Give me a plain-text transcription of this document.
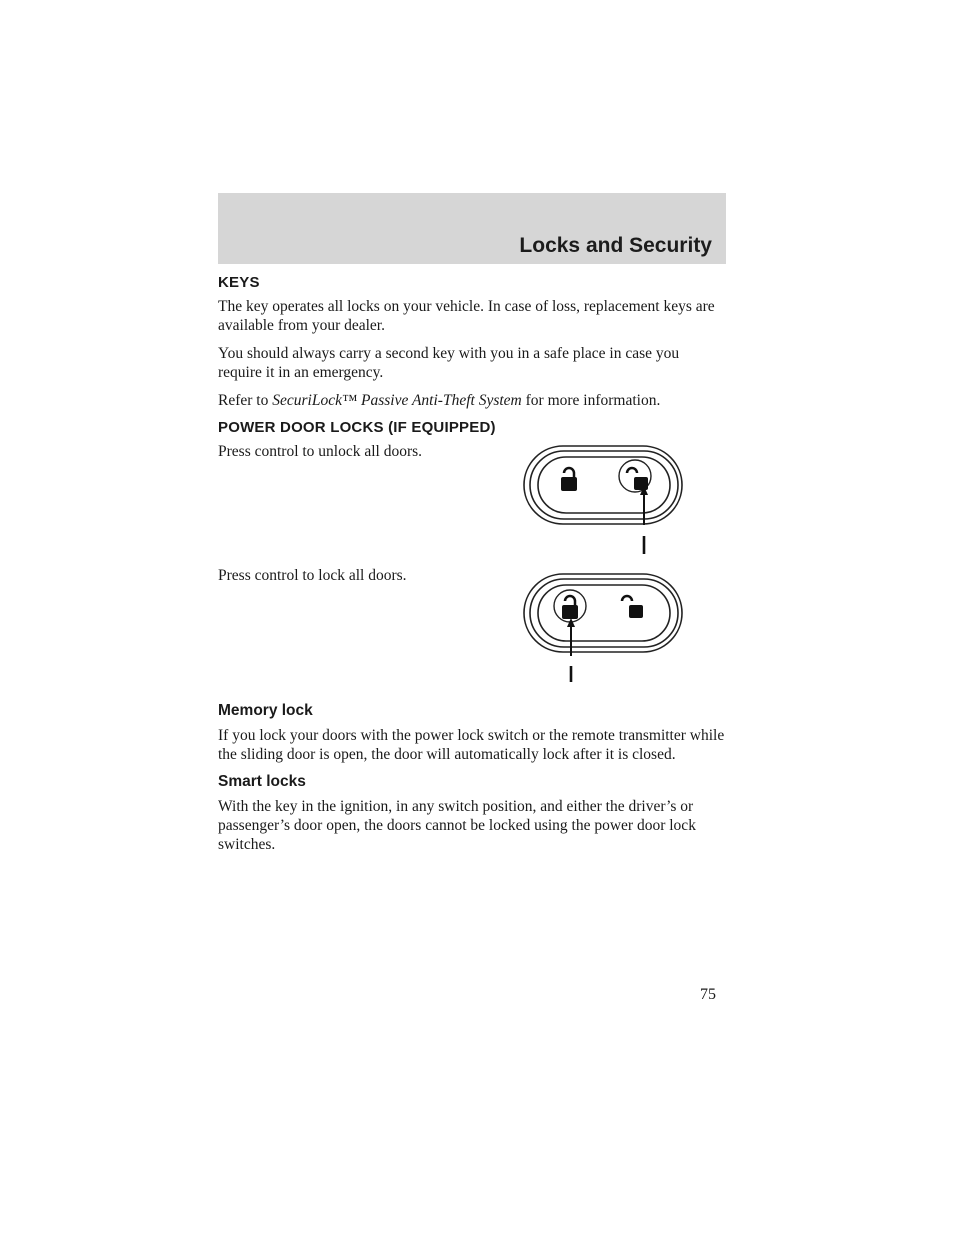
Locks and Security
KEYS

The key operates all locks on your vehicle. In case of loss, replacement keys are available from your dealer.

You should always carry a second key with you in a safe place in case you require it in an emergency.

Refer to SecuriLock™ Passive Anti-Theft System for more information.

POWER DOOR LOCKS (IF EQUIPPED)

Press control to unlock all doors.

Press control to lock all doors.

Memory lock

If you lock your doors with the power lock switch or the remote transmitter while the sliding door is open, the door will automatically lock after it is closed.

Smart locks

With the key in the ignition, in any switch position, and either the driver’s or passenger’s door open, the doors cannot be locked using the power door lock switches.

75
